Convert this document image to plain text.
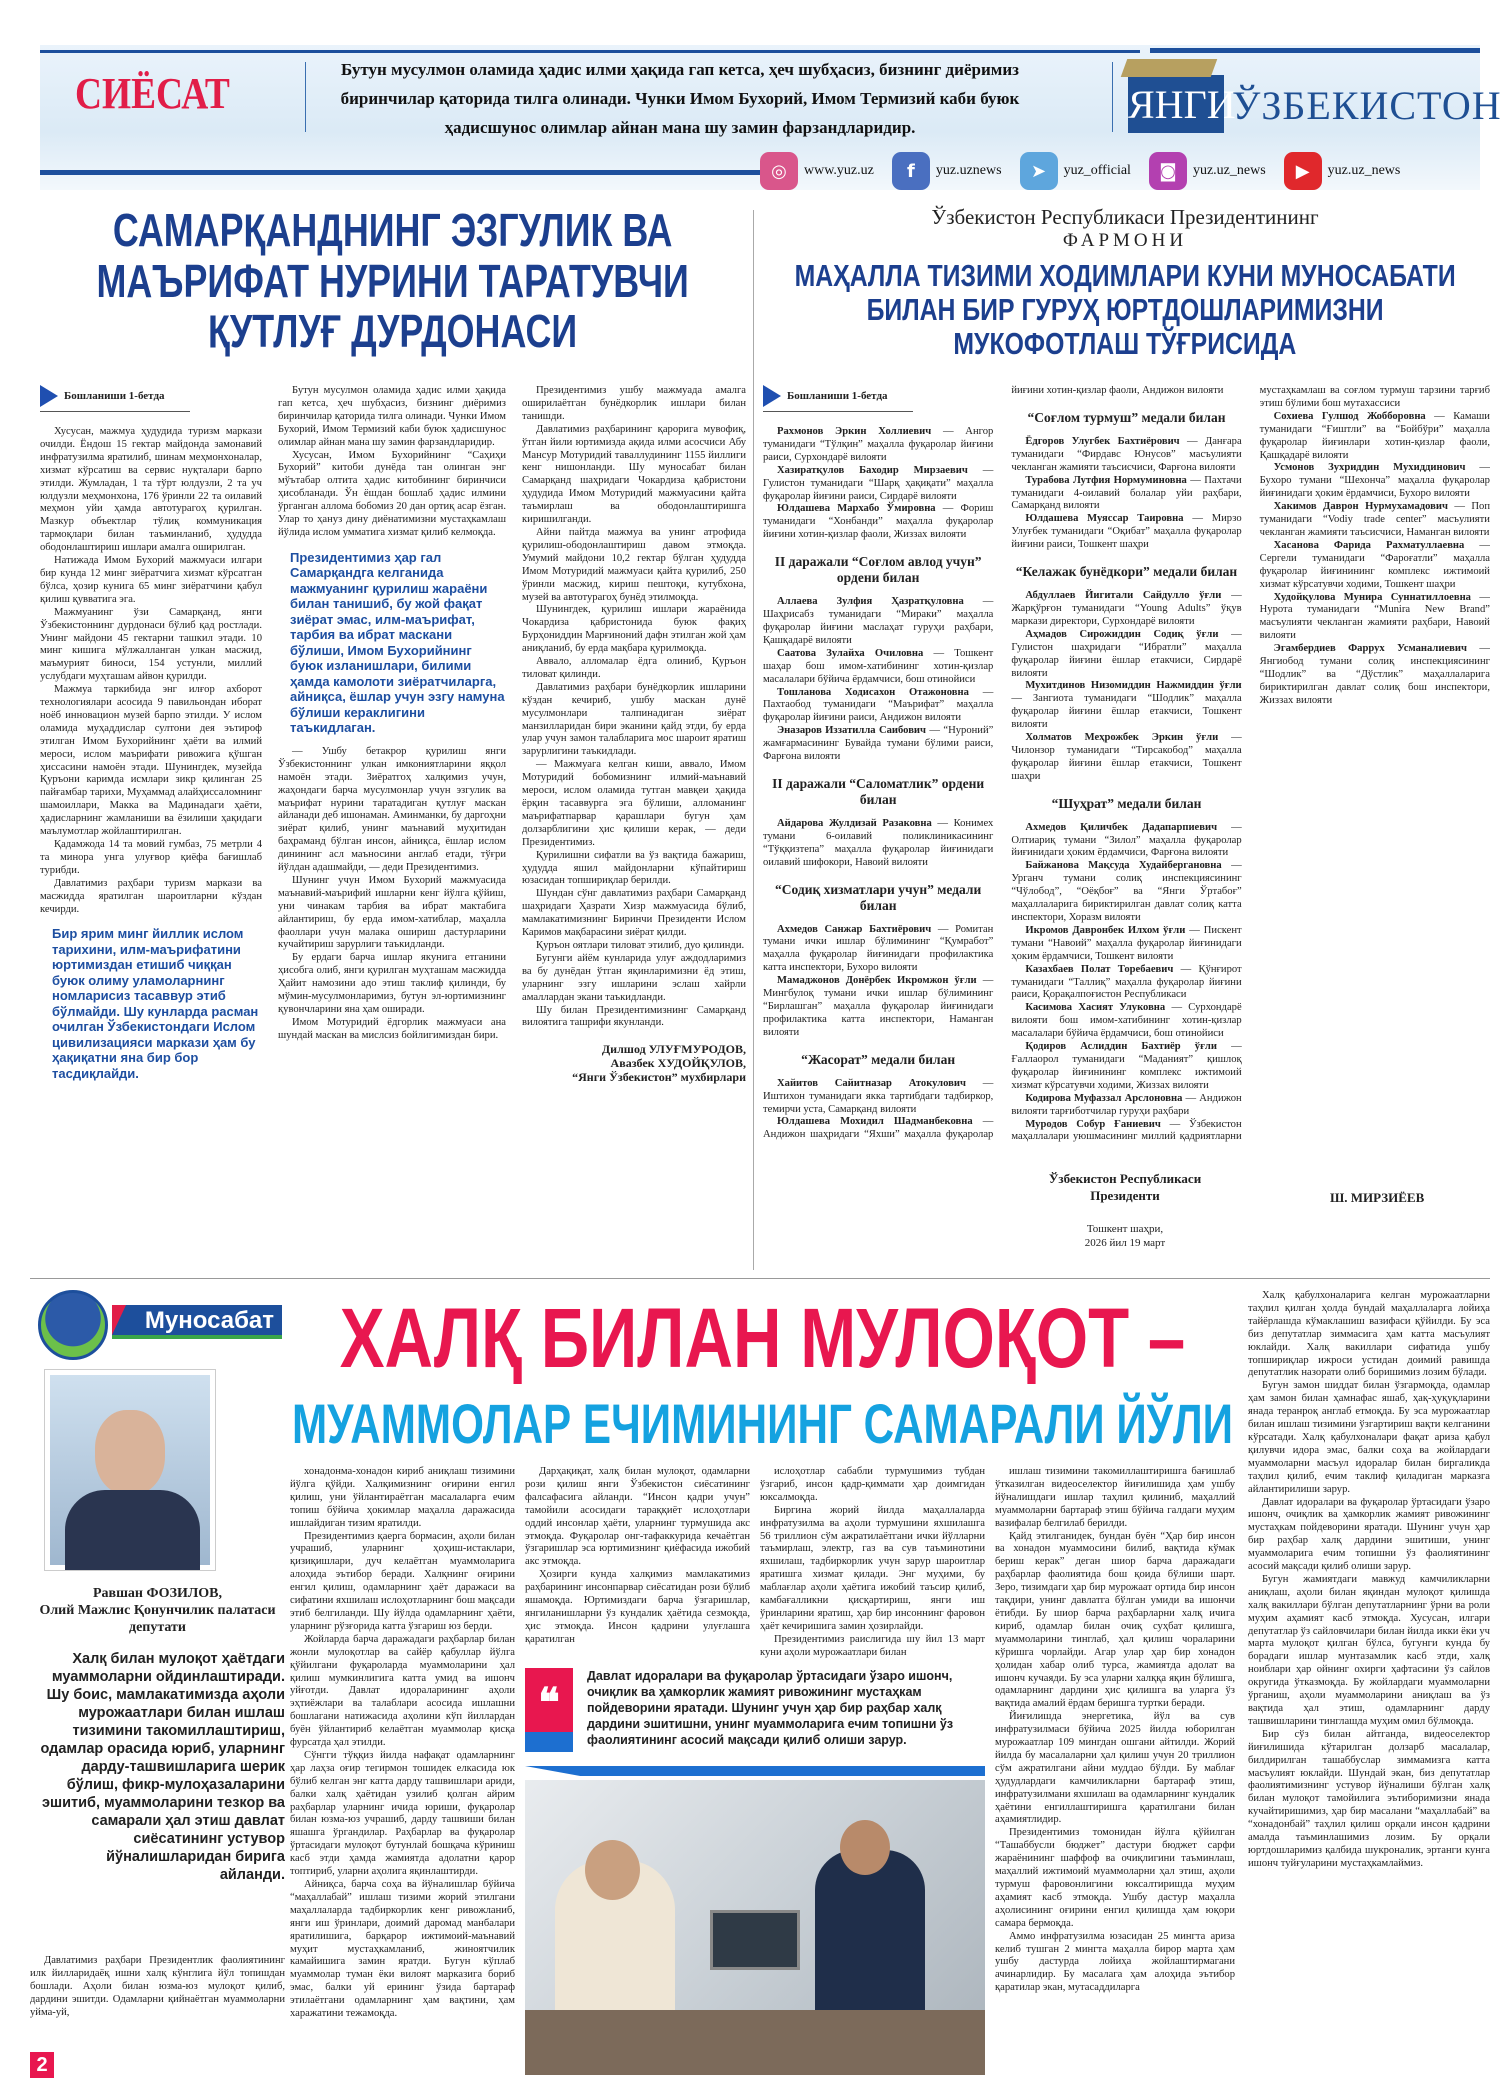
СИЁСАТ	Бутун мусулмон оламида ҳадис илми ҳақида гап кетса, ҳеч шубҳасиз, бизнинг диёримиз биринчилар қаторида тилга олинади. Чунки Имом Бухорий, Имом Термизий каби буюк ҳадисшунос олимлар айнан мана шу замин фарзандларидир.
ЯНГИ
ЎЗБЕКИСТОН
◎	www.yuz.uz	f	yuz.uznews	➤	yuz_official	◙	yuz.uz_news	▶	yuz.uz_news
САМАРҚАНДНИНГ ЭЗГУЛИК ВА
МАЪРИФАТ НУРИНИ ТАРАТУВЧИ
ҚУТЛУҒ ДУРДОНАСИ
Бошланиши 1-бетда

Хусусан, мажмуа ҳудудида туризм маркази очилди. Ёндош 15 гектар майдонда замонавий инфратузилма яратилиб, шинам меҳмонхоналар, хизмат кўрсатиш ва сервис нуқталари барпо этилди. Жумладан, 1 та тўрт юлдузли, 2 та уч юлдузли меҳмонхона, 176 ўринли 22 та оилавий меҳмон уйи ҳамда автотурагоҳ қурилган. Мазкур объектлар тўлиқ коммуникация тармоқлари билан таъминланиб, ҳудудда ободонлаштириш ишлари амалга оширилган.

Натижада Имом Бухорий мажмуаси илгари бир кунда 12 минг зиёратчига хизмат кўрсатган бўлса, ҳозир кунига 65 минг зиёратчини қабул қилиш қувватига эга.

Мажмуанинг ўзи Самарқанд, янги Ўзбекистоннинг дурдонаси бўлиб қад ростлади. Унинг майдони 45 гектарни ташкил этади. 10 минг кишига мўлжалланган улкан масжид, маъмурият биноси, 154 устунли, миллий услубдаги муҳташам айвон қурилди.

Мажмуа таркибида энг илғор ахборот технологиялари асосида 9 павильондан иборат ноёб инновацион музей барпо этилди. У ислом оламида муҳаддислар султони дея эътироф этилган Имом Бухорийнинг ҳаёти ва илмий мероси, ислом маърифати ривожига қўшган ҳиссасини намоён этади. Шунингдек, музейда Қуръони каримда исмлари зикр қилинган 25 пайғамбар тарихи, Муҳаммад алайҳиссаломнинг шамоиллари, Макка ва Мадинадаги ҳаёти, ҳадисларнинг жамланиши ва ёзилиши ҳақидаги маълумотлар жойлаштирилган.

Қадамжода 14 та мовий гумбаз, 75 метрли 4 та минора унга улуғвор қиёфа бағишлаб турибди.

Давлатимиз раҳбари туризм маркази ва масжидда яратилган шароитларни кўздан кечирди.

Бир ярим минг йиллик ислом тарихини, илм-маърифатини юртимиздан етишиб чиққан буюк олиму уламоларнинг номларисиз тасаввур этиб бўлмайди. Шу кунларда расман очилган Ўзбекистондаги Ислом цивилизацияси маркази ҳам бу ҳақиқатни яна бир бор тасдиқлайди.

Бутун мусулмон оламида ҳадис илми ҳақида гап кетса, ҳеч шубҳасиз, бизнинг диёримиз биринчилар қаторида тилга олинади. Чунки Имом Бухорий, Имом Термизий каби буюк ҳадисшунос олимлар айнан мана шу замин фарзандларидир.

Хусусан, Имом Бухорийнинг “Саҳиҳи Бухорий” китоби дунёда тан олинган энг мўътабар олтита ҳадис китобининг биринчиси ҳисобланади. Ўн ёшдан бошлаб ҳадис илмини ўрганган аллома бобомиз 20 дан ортиқ асар ёзган. Улар то ҳануз дину диёнатимизни мустаҳкамлаш йўлида ислом умматига хизмат қилиб келмоқда.

Президентимиз ҳар гал Самарқандга келганида мажмуанинг қурилиш жараёни билан танишиб, бу жой фақат зиёрат эмас, илм-маърифат, тарбия ва ибрат маскани бўлиши, Имом Бухорийнинг буюк изланишлари, билими ҳамда камолоти зиёратчиларга, айниқса, ёшлар учун эзгу намуна бўлиши кераклигини таъкидлаган.

— Ушбу бетакрор қурилиш янги Ўзбекистоннинг улкан имкониятларини яққол намоён этади. Зиёратгоҳ халқимиз учун, жаҳондаги барча мусулмонлар учун эзгулик ва маърифат нурини таратадиган қутлуғ маскан айланади деб ишонаман. Аминманки, бу даргоҳни зиёрат қилиб, унинг маънавий муҳитидан баҳраманд бўлган инсон, айниқса, ёшлар ислом динининг асл маъносини англаб етади, тўғри йўлдан адашмайди, — деди Президентимиз.

Шунинг учун Имом Бухорий мажмуасида маънавий-маърифий ишларни кенг йўлга қўйиш, уни чинакам тарбия ва ибрат мактабига айлантириш, бу ерда имом-хатиблар, маҳалла фаоллари учун малака ошириш дастурларини кучайтириш зарурлиги таъкидланди.

Бу ердаги барча ишлар якунига етганини ҳисобга олиб, янги қурилган муҳташам масжидда Ҳайит намозини адо этиш таклиф қилинди, бу мўмин-мусулмонларимиз, бутун эл-юртимизнинг қувончларини яна ҳам оширади.

Имом Мотуридий ёдгорлик мажмуаси ана шундай маскан ва мислсиз бойлигимиздан бири.

Президентимиз ушбу мажмуада амалга оширилаётган бунёдкорлик ишлари билан танишди.

Давлатимиз раҳбарининг қарорига мувофиқ, ўтган йили юртимизда ақида илми асосчиси Абу Мансур Мотуридий таваллудининг 1155 йиллиги кенг нишонланди. Шу муносабат билан Самарқанд шаҳридаги Чокардиза қабристони ҳудудида Имом Мотуридий мажмуасини қайта таъмирлаш ва ободонлаштиришга киришилганди.

Айни пайтда мажмуа ва унинг атрофида қурилиш-ободонлаштириш давом этмоқда. Умумий майдони 10,2 гектар бўлган ҳудудда Имом Мотуридий мажмуаси қайта қурилиб, 250 ўринли масжид, кириш пештоқи, кутубхона, музей ва автотурагоҳ бунёд этилмоқда.

Шунингдек, қурилиш ишлари жараёнида Чокардиза қабристонида буюк фақиҳ Бурҳониддин Марғиноний дафн этилган жой ҳам аниқланиб, бу ерда мақбара қурилмоқда.

Аввало, алломалар ёдга олиниб, Қуръон тиловат қилинди.

Давлатимиз раҳбари бунёдкорлик ишларини кўздан кечириб, ушбу маскан дунё мусулмонлари талпинадиган зиёрат манзилларидан бири эканини қайд этди, бу ерда улар учун замон талабларига мос шароит яратиш зарурлигини таъкидлади.

— Мажмуага келган киши, аввало, Имом Мотуридий бобомизнинг илмий-маънавий мероси, ислом оламида тутган мавқеи ҳақида ёрқин тасаввурга эга бўлиши, алломанинг маърифатпарвар қарашлари бугун ҳам долзарблигини ҳис қилиши керак, — деди Президентимиз.

Қурилишни сифатли ва ўз вақтида бажариш, ҳудудда яшил майдонларни кўпайтириш юзасидан топшириқлар берилди.

Шундан сўнг давлатимиз раҳбари Самарқанд шаҳридаги Ҳазрати Хизр мажмуасида бўлиб, мамлакатимизнинг Биринчи Президенти Ислом Каримов мақбарасини зиёрат қилди.

Қуръон оятлари тиловат этилиб, дуо қилинди.

Бугунги айём кунларида улуғ аждодларимиз ва бу дунёдан ўтган яқинларимизни ёд этиш, уларнинг эзгу ишларини эслаш хайрли амаллардан экани таъкидланди.

Шу билан Президентимизнинг Самарқанд вилоятига ташрифи якунланди.

Дилшод УЛУҒМУРОДОВ,
Авазбек ХУДОЙҚУЛОВ,
“Янги Ўзбекистон” мухбирлари
Ўзбекистон Республикаси Президентининг
ФАРМОНИ
МАҲАЛЛА ТИЗИМИ ХОДИМЛАРИ КУНИ МУНОСАБАТИ
БИЛАН БИР ГУРУҲ ЮРТДОШЛАРИМИЗНИ
МУКОФОТЛАШ ТЎҒРИСИДА
Бошланиши 1-бетда

Рахмонов Эркин Холлиевич — Ангор туманидаги “Тўлқин” маҳалла фуқаролар йиғини раиси, Сурхондарё вилояти

Хазиратқулов Баходир Мирзаевич — Гулистон туманидаги “Шарқ ҳақиқати” маҳалла фуқаролар йиғини раиси, Сирдарё вилояти

Юлдашева Мархабо Ўмировна — Фориш туманидаги “Хонбанди” маҳалла фуқаролар йиғини хотин-қизлар фаоли, Жиззах вилояти

II даражали “Соғлом авлод учун” ордени билан

Аллаева Зулфия Ҳазратқуловна — Шаҳрисабз туманидаги “Мираки” маҳалла фуқаролар йиғини маслаҳат гуруҳи раҳбари, Қашқадарё вилояти

Саатова Зулайха Очиловна — Тошкент шаҳар бош имом-хатибининг хотин-қизлар масалалари бўйича ёрдамчиси, бош отинойиси

Тошланова Ходисахон Отажоновна — Пахтаобод туманидаги “Маърифат” маҳалла фуқаролар йиғини раиси, Андижон вилояти

Эназаров Иззатилла Саибович — “Нуроний” жамғармасининг Бувайда тумани бўлими раиси, Фарғона вилояти

II даражали “Саломатлик” ордени билан

Айдарова Жулдизай Разаковна — Конимех тумани 6-оилавий поликлиникасининг “Тўққизтепа” маҳалла фуқаролар йиғинидаги оилавий шифокори, Навоий вилояти

“Содиқ хизматлари учун” медали билан

Ахмедов Санжар Бахтиёрович — Ромитан тумани ички ишлар бўлимининг “Қумработ” маҳалла фуқаролар йиғинидаги профилактика катта инспектори, Бухоро вилояти

Мамаджонов Донёрбек Икромжон ўғли — Мингбулоқ тумани ички ишлар бўлимининг “Бирлашган” маҳалла фуқаролар йиғинидаги профилактика катта инспектори, Наманган вилояти

“Жасорат” медали билан

Хайитов Сайитназар Атокулович — Иштихон туманидаги якка тартибдаги тадбиркор, темирчи уста, Самарқанд вилояти

Юлдашева Мохидил Шадманбековна — Андижон шаҳридаги “Яхши” маҳалла фуқаролар йиғини хотин-қизлар фаоли, Андижон вилояти

“Соғлом турмуш” медали билан

Ёдгоров Улугбек Бахтиёрович — Данғара туманидаги “Фирдавс Юнусов” масъулияти чекланган жамияти таъсисчиси, Фарғона вилояти

Турабова Лутфия Нормуминовна — Пахтачи туманидаги 4-оилавий болалар уйи раҳбари, Самарқанд вилояти

Юлдашева Муяссар Таировна — Мирзо Улуғбек туманидаги “Оқибат” маҳалла фуқаролар йиғини раиси, Тошкент шаҳри

“Келажак бунёдкори” медали билан

Абдуллаев Йигитали Сайдулло ўғли — Жарқўрғон туманидаги “Young Adults” ўқув маркази директори, Сурхондарё вилояти

Аҳмадов Сирожиддин Содиқ ўғли — Гулистон шаҳридаги “Ибратли” маҳалла фуқаролар йиғини ёшлар етакчиси, Сирдарё вилояти

Мухитдинов Низомиддин Нажмиддин ўғли — Зангиота туманидаги “Шодлик” маҳалла фуқаролар йиғини ёшлар етакчиси, Тошкент вилояти

Холматов Меҳрожбек Эркин ўғли — Чилонзор туманидаги “Тирсакобод” маҳалла фуқаролар йиғини ёшлар етакчиси, Тошкент шаҳри

“Шуҳрат” медали билан

Ахмедов Қиличбек Дадапарпиевич — Олтиариқ тумани “Зилол” маҳалла фуқаролар йиғинидаги ҳоким ёрдамчиси, Фарғона вилояти

Байжанова Мақсуда Худайбергановна — Урганч тумани солиқ инспекциясининг “Чўлобод”, “Оёқбоғ” ва “Янги Ўртабоғ” маҳаллаларига бириктирилган давлат солиқ катта инспектори, Хоразм вилояти

Икромов Давронбек Илхом ўғли — Пискент тумани “Навоий” маҳалла фуқаролар йиғинидаги ҳоким ёрдамчиси, Тошкент вилояти

Казахбаев Полат Торебаевич — Қўнғирот туманидаги “Таллиқ” маҳалла фуқаролар йиғини раиси, Қорақалпоғистон Республикаси

Касимова Хасият Улуковна — Сурхондарё вилояти бош имом-хатибининг хотин-қизлар масалалари бўйича ёрдамчиси, бош отинойиси

Қодиров Аслиддин Бахтиёр ўғли — Ғаллаорол туманидаги “Маданият” қишлоқ фуқаролар йиғинининг комплекс ижтимоий хизмат кўрсатувчи ходими, Жиззах вилояти

Кодирова Муфаззал Арслоновна — Андижон вилояти тарғиботчилар гуруҳи раҳбари

Муродов Собур Ғаниевич — Ўзбекистон маҳаллалари уюшмасининг миллий қадриятларни мустаҳкамлаш ва соғлом турмуш тарзини тарғиб этиш бўлими бош мутахассиси

Сохиева Гулшод Жобборовна — Камаши туманидаги “Ғиштли” ва “Бойбўри” маҳалла фуқаролар йиғинлари хотин-қизлар фаоли, Қашқадарё вилояти

Усмонов Зухриддин Мухиддинович — Бухоро тумани “Шехонча” маҳалла фуқаролар йиғинидаги ҳоким ёрдамчиси, Бухоро вилояти

Хакимов Даврон Нурмухамадович — Поп туманидаги “Vodiy trade center” масъулияти чекланган жамияти таъсисчиси, Наманган вилояти

Хасанова Фарида Рахматуллаевна — Сергели туманидаги “Фароғатли” маҳалла фуқаролар йиғинининг комплекс ижтимоий хизмат кўрсатувчи ходими, Тошкент шаҳри

Худойқулова Мунира Суннатиллоевна — Нурота туманидаги “Munira New Brand” масъулияти чекланган жамияти раҳбари, Навоий вилояти

Эгамбердиев Фаррух Усманалиевич — Янгиобод тумани солиқ инспекциясининг “Шодлик” ва “Дўстлик” маҳаллаларига бириктирилган давлат солиқ бош инспектори, Жиззах вилояти

Ўзбекистон Республикаси
Президенти
Тошкент шаҳри,
2026 йил 19 март
Ш. МИРЗИЁЕВ
Муносабат
Равшан ФОЗИЛОВ,
Олий Мажлис Қонунчилик палатаси депутати
Халқ билан мулоқот ҳаётдаги муаммоларни ойдинлаштиради. Шу боис, мамлакатимизда аҳоли мурожаатлари билан ишлаш тизимини такомиллаштириш, одамлар орасида юриб, уларнинг дарду-ташвишларига шерик бўлиш, фикр-мулоҳазаларини эшитиб, муаммоларини тезкор ва самарали ҳал этиш давлат сиёсатининг устувор йўналишларидан бирига айланди.

Давлатимиз раҳбари Президентлик фаолиятининг илк йилларидаёқ ишни халқ кўнглига йўл топишдан бошлади. Аҳоли билан юзма-юз мулоқот қилиб, дардини эшитди. Одамларни қийнаётган муаммоларни уйма-уй,

ХАЛҚ БИЛАН МУЛОҚОТ –
МУАММОЛАР ЕЧИМИНИНГ САМАРАЛИ ЙЎЛИ

хонадонма-хонадон кириб аниқлаш тизимини йўлга қўйди. Халқимизнинг оғирини енгил қилиш, уни ўйлантираётган масалаларга ечим топиш бўйича ҳокимлар маҳалла даражасида ишлайдиган тизим яратилди.

Президентимиз қаерга бормасин, аҳоли билан учрашиб, уларнинг ҳоҳиш-истаклари, қизиқишлари, дуч келаётган муаммоларига алоҳида эътибор беради. Халқнинг оғирини енгил қилиш, одамларнинг ҳаёт даражаси ва сифатини яхшилаш ислоҳотларнинг бош мақсади этиб белгиланди. Шу йўлда одамларнинг ҳаёти, уларнинг рўзғорида катта ўзгариш юз берди.

Жойларда барча даражадаги раҳбарлар билан жонли мулоқотлар ва сайёр қабуллар йўлга қўйилгани фуқароларда муаммоларини ҳал қилиш мумкинлигига катта умид ва ишонч уйғотди. Давлат идораларининг аҳоли эҳтиёжлари ва талаблари асосида ишлашни бошлагани натижасида аҳолини кўп йиллардан буён ўйлантириб келаётган муаммолар қисқа фурсатда ҳал этилди.

Сўнгги тўққиз йилда нафақат одамларнинг ҳар лаҳза оғир тегирмон тошидек елкасида юк бўлиб келган энг катта дарду ташвишлари ариди, балки халқ ҳаётидан узилиб қолган айрим раҳбарлар уларнинг ичида юриши, фуқаролар билан юзма-юз учрашиб, дарду ташвиши билан яшашга ўргандилар. Раҳбарлар ва фуқаролар ўртасидаги мулоқот бутунлай бошқача кўриниш касб этди ҳамда жамиятда адолатни қарор топтириб, уларни аҳолига яқинлаштирди.

Айниқса, барча соҳа ва йўналишлар бўйича “маҳаллабай” ишлаш тизими жорий этилгани маҳаллаларда тадбиркорлик кенг ривожланиб, янги иш ўринлари, доимий даромад манбалари яратилишига, барқарор ижтимоий-маънавий муҳит мустаҳкамланиб, жиноятчилик камайишига замин яратди. Бугун кўплаб муаммолар туман ёки вилоят марказига бориб эмас, балки уй ерининг ўзида бартараф этилаётгани одамларнинг ҳам вақтини, ҳам харажатини тежамоқда.

Дарҳақиқат, халқ билан мулоқот, одамларни рози қилиш янги Ўзбекистон сиёсатининг фалсафасига айланди. “Инсон қадри учун” тамойили асосидаги тараққиёт ислоҳотлари оддий инсонлар ҳаёти, уларнинг турмушида акс этмоқда. Фуқаролар онг-тафаккурида кечаётган ўзгаришлар эса юртимизнинг қиёфасида ижобий акс этмоқда.

Ҳозирги кунда халқимиз мамлакатимиз раҳбарининг инсонпарвар сиёсатидан рози бўлиб яшамоқда. Юртимиздаги барча ўзгаришлар, янгиланишларни ўз кундалик ҳаётида сезмоқда, ҳис этмоқда. Инсон қадрини улуғлашга қаратилган

ислоҳотлар сабабли турмушимиз тубдан ўзгариб, инсон қадр-қиммати ҳар доимгидан юксалмоқда.

Биргина жорий йилда маҳаллаларда инфратузилма ва аҳоли турмушини яхшилашга 56 триллион сўм ажратилаётгани ички йўлларни таъмирлаш, электр, газ ва сув таъминотини яхшилаш, тадбиркорлик учун зарур шароитлар яратишга хизмат қилади. Энг муҳими, бу маблағлар аҳоли ҳаётига ижобий таъсир қилиб, камбағалликни қисқартириш, янги иш ўринларини яратиш, ҳар бир инсоннинг фаровон ҳаёт кечиришига замин ҳозирлайди.

Президентимиз раислигида шу йил 13 март куни аҳоли мурожаатлари билан

ишлаш тизимини такомиллаштиришга бағишлаб ўтказилган видеоселектор йиғилишида ҳам ушбу йўналишдаги ишлар таҳлил қилиниб, маҳаллий муаммоларни бартараф этиш бўйича галдаги муҳим вазифалар белгилаб берилди.

Қайд этилганидек, бундан буён “Ҳар бир инсон ва хонадон муаммосини билиб, вақтида кўмак бериш керак” деган шиор барча даражадаги раҳбарлар фаолиятида бош қоида бўлиши шарт. Зеро, тизимдаги ҳар бир мурожаат ортида бир инсон тақдири, унинг давлатга бўлган умиди ва ишончи ётибди. Бу шиор барча раҳбарларни халқ ичига кириб, одамлар билан очиқ суҳбат қилишга, муаммоларини тинглаб, ҳал қилиш чораларини кўришга чорлайди. Агар улар ҳар бир хонадон ҳолидан хабар олиб турса, жамиятда адолат ва ишонч кучаяди. Бу эса уларни халққа яқин бўлишга, одамларнинг дардини ҳис қилишга ва уларга ўз вақтида амалий ёрдам беришга туртки беради.

Йиғилишда энергетика, йўл ва сув инфратузилмаси бўйича 2025 йилда юборилган мурожаатлар 109 мингдан ошгани айтилди. Жорий йилда бу масалаларни ҳал қилиш учун 20 триллион сўм ажратилгани айни муддао бўлди. Бу маблағ ҳудудлардаги камчиликларни бартараф этиш, инфратузилмани яхшилаш ва одамларнинг кундалик ҳаётини енгиллаштиришга қаратилгани билан аҳамиятлидир.

Президентимиз томонидан йўлга қўйилган “Ташаббусли бюджет” дастури бюджет сарфи жараёнининг шаффоф ва очиқлигини таъминлаш, маҳаллий ижтимоий муаммоларни ҳал этиш, аҳоли турмуш фаровонлигини юксалтиришда муҳим аҳамият касб этмоқда. Ушбу дастур маҳалла аҳолисининг оғирини енгил қилишда ҳам юқори самара бермоқда.

Аммо инфратузилма юзасидан 25 мингта ариза келиб тушган 2 мингта маҳалла бирор марта ҳам ушбу дастурда лойиҳа жойлаштирмагани ачинарлидир. Бу масалага ҳам алоҳида эътибор қаратилар экан, мутасаддиларга

Халқ қабулхоналарига келган мурожаатларни таҳлил қилган ҳолда бундай маҳаллаларга лойиҳа тайёрлашда кўмаклашиш вазифаси қўйилди. Бу эса биз депутатлар зиммасига ҳам катта масъулият юклайди. Халқ вакиллари сифатида ушбу топшириқлар ижроси устидан доимий равишда депутатлик назорати олиб боришимиз лозим бўлади.

Бугун замон шиддат билан ўзгармоқда, одамлар ҳам замон билан ҳамнафас яшаб, ҳақ-ҳуқуқларини янада теранроқ англаб етмоқда. Бу эса мурожаатлар билан ишлаш тизимини ўзгартириш вақти келганини кўрсатади. Халқ қабулхоналари фақат ариза қабул қилувчи идора эмас, балки соҳа ва жойлардаги муаммоларни масъул идоралар билан биргаликда таҳлил қилиб, ечим таклиф қиладиган марказга айлантирилиши зарур.

Давлат идоралари ва фуқаролар ўртасидаги ўзаро ишонч, очиқлик ва ҳамкорлик жамият ривожининг мустаҳкам пойдеворини яратади. Шунинг учун ҳар бир раҳбар халқ дардини эшитиши, унинг муаммоларига ечим топишни ўз фаолиятининг асосий мақсади қилиб олиши зарур.

Бугун жамиятдаги мавжуд камчиликларни аниқлаш, аҳоли билан яқиндан мулоқот қилишда халқ вакиллари бўлган депутатларнинг ўрни ва роли муҳим аҳамият касб этмоқда. Хусусан, илгари депутатлар ўз сайловчилари билан йилда икки ёки уч марта мулоқот қилган бўлса, бугунги кунда бу борадаги ишлар мунтазамлик касб этди, халқ ноиблари ҳар ойнинг охирги ҳафтасини ўз сайлов округида ўтказмоқда. Бу жойлардаги муаммоларни ўрганиш, аҳоли муаммоларини аниқлаш ва ўз вақтида ҳал этиш, одамларнинг дарду ташвишларини тинглашда муҳим омил бўлмоқда.

Бир сўз билан айтганда, видеоселектор йиғилишида кўтарилган долзарб масалалар, билдирилган ташаббуслар зиммамизга катта масъулият юклайди. Шундай экан, биз депутатлар фаолиятимизнинг устувор йўналиши бўлган халқ билан мулоқот тамойилига эътиборимизни янада кучайтиришимиз, ҳар бир масалани “маҳаллабай” ва “хонадонбай” таҳлил қилиш орқали инсон қадрини амалда таъминлашимиз лозим. Бу орқали юртдошларимиз қалбида шукроналик, эртанги кунга ишонч туйғуларини мустаҳкамлаймиз.

❝
Давлат идоралари ва фуқаролар ўртасидаги ўзаро ишонч, очиқлик ва ҳамкорлик жамият ривожининг мустаҳкам пойдеворини яратади. Шунинг учун ҳар бир раҳбар халқ дардини эшитишни, унинг муаммоларига ечим топишни ўз фаолиятининг асосий мақсади қилиб олиши зарур.
2
